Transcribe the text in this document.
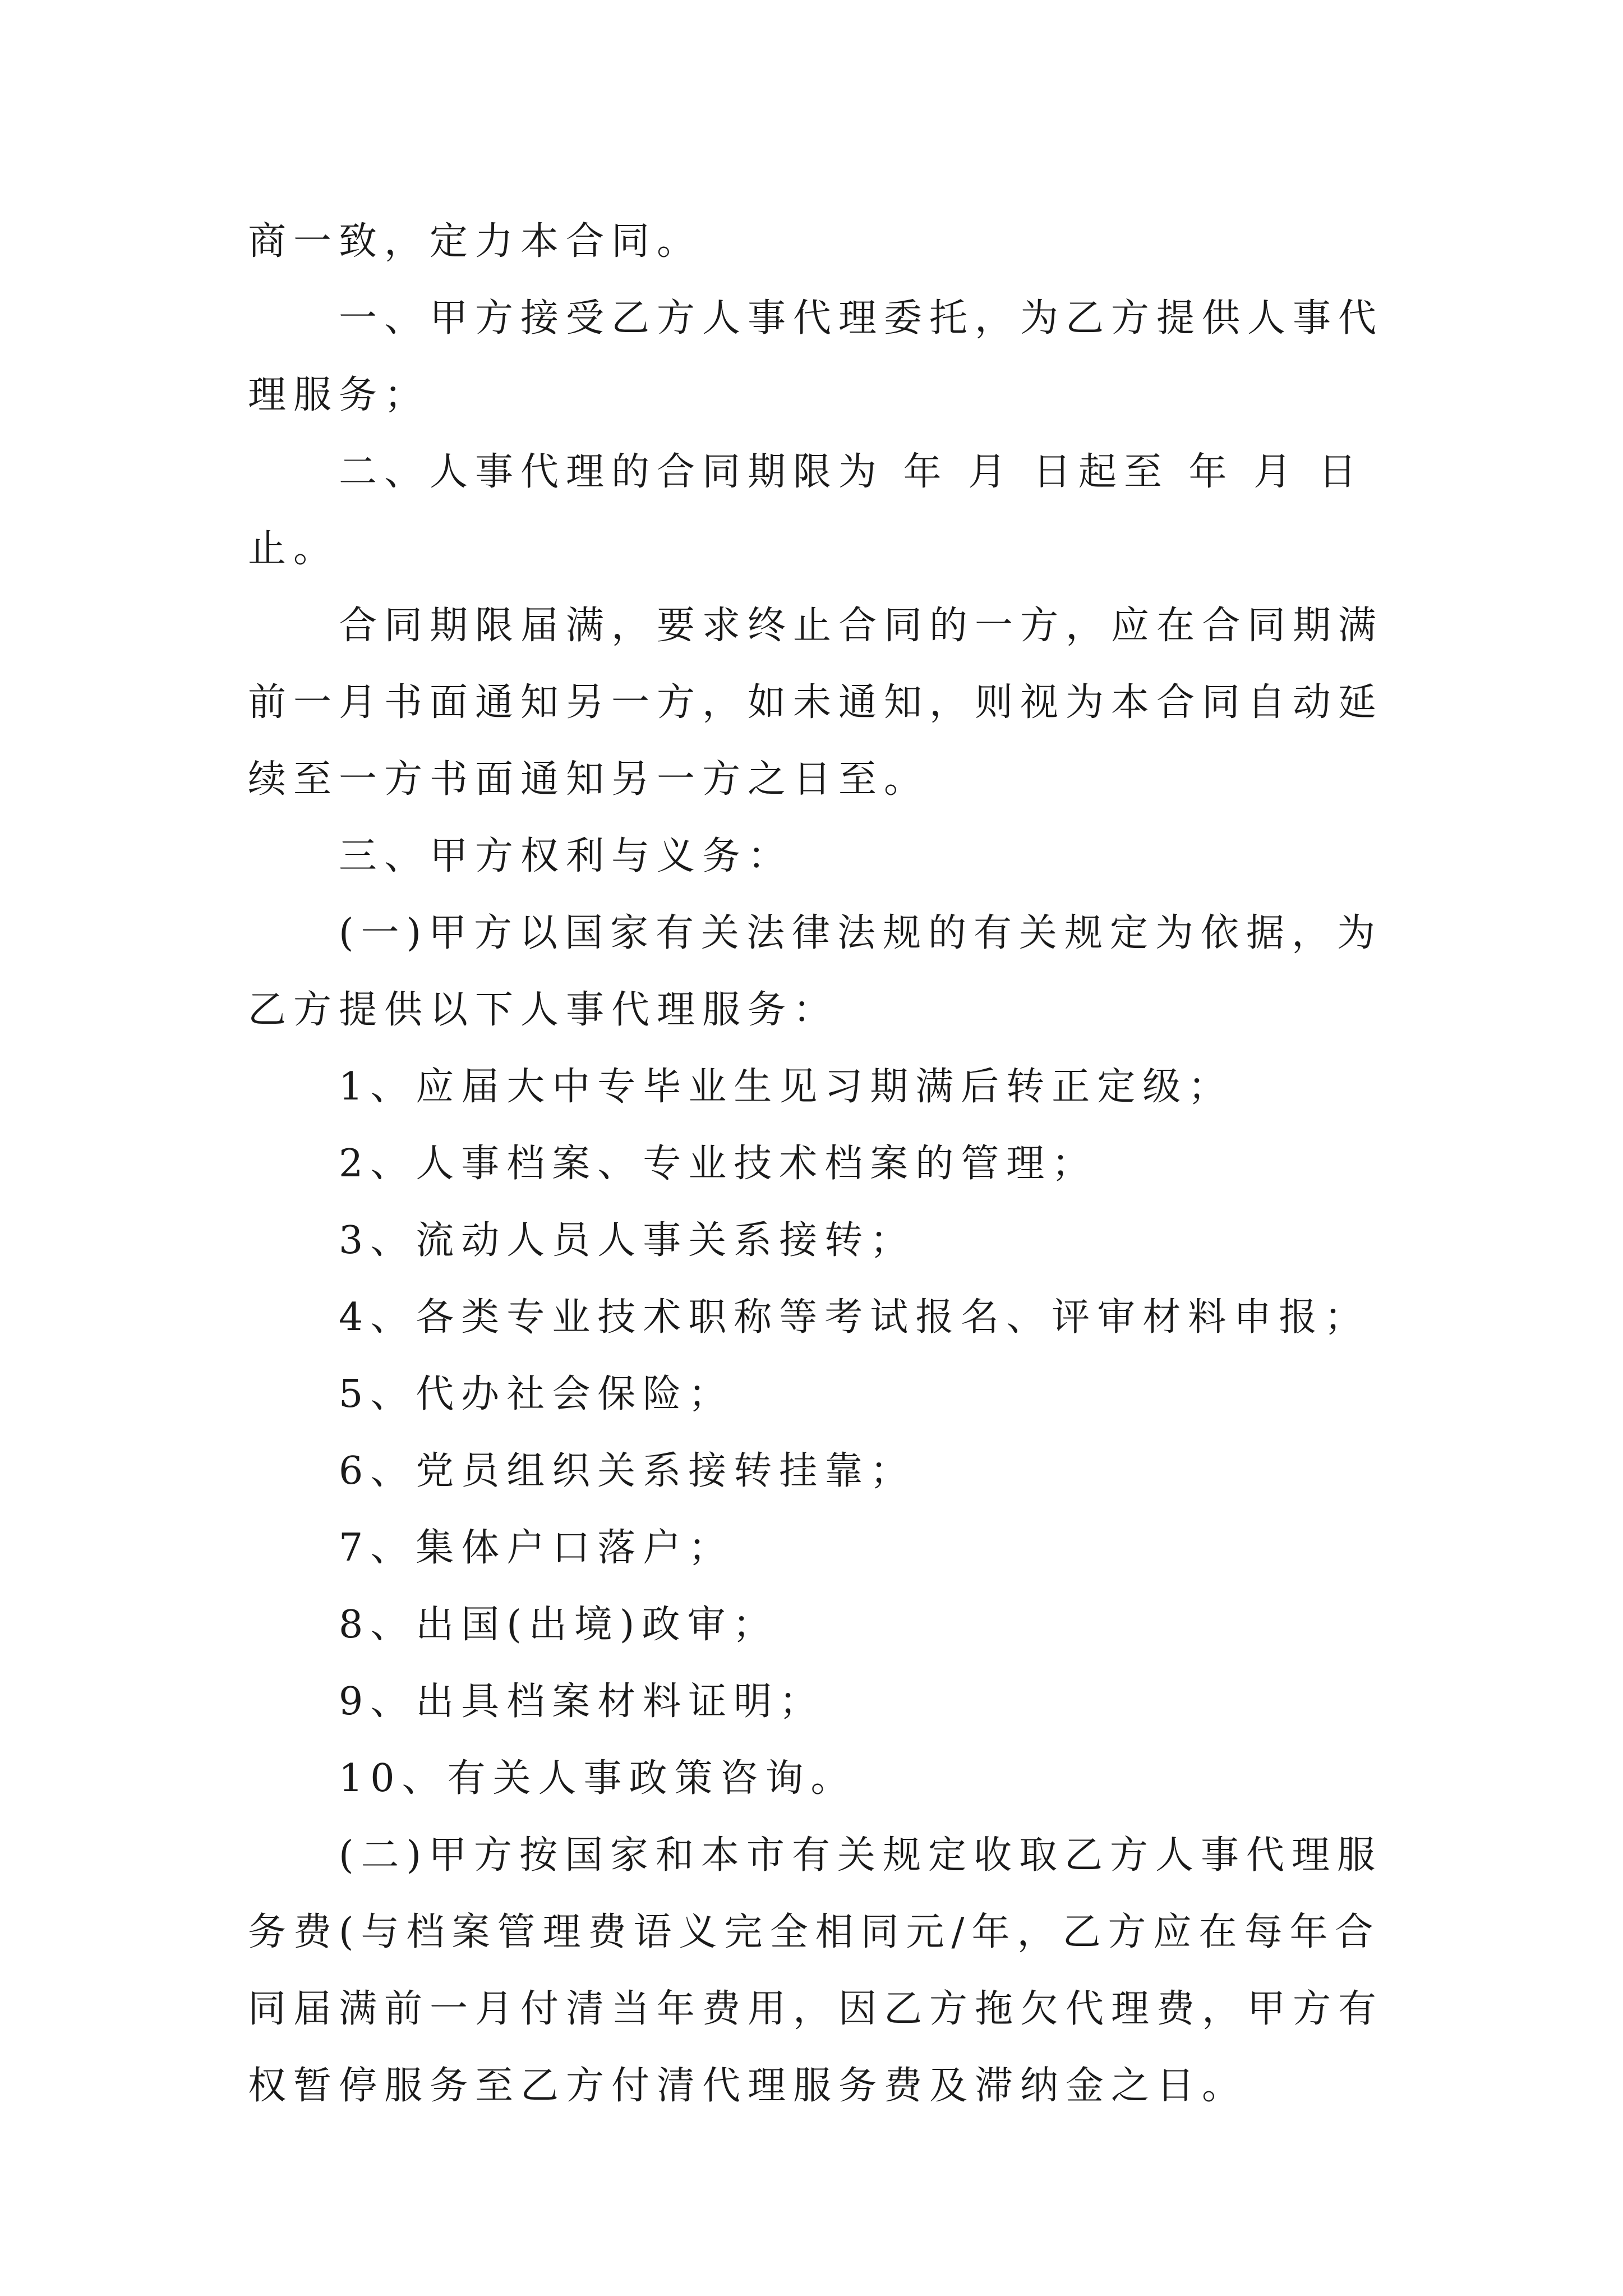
商一致，定力本合同。

一、甲方接受乙方人事代理委托，为乙方提供人事代理服务；

二、人事代理的合同期限为 年 月 日起至 年 月 日止。

合同期限届满，要求终止合同的一方，应在合同期满前一月书面通知另一方，如未通知，则视为本合同自动延续至一方书面通知另一方之日至。

三、甲方权利与义务：

(一)甲方以国家有关法律法规的有关规定为依据，为乙方提供以下人事代理服务：

1、应届大中专毕业生见习期满后转正定级；

2、人事档案、专业技术档案的管理；

3、流动人员人事关系接转；

4、各类专业技术职称等考试报名、评审材料申报；

5、代办社会保险；

6、党员组织关系接转挂靠；

7、集体户口落户；

8、出国(出境)政审；

9、出具档案材料证明；

10、有关人事政策咨询。

(二)甲方按国家和本市有关规定收取乙方人事代理服务费(与档案管理费语义完全相同元/年，乙方应在每年合同届满前一月付清当年费用，因乙方拖欠代理费，甲方有权暂停服务至乙方付清代理服务费及滞纳金之日。
